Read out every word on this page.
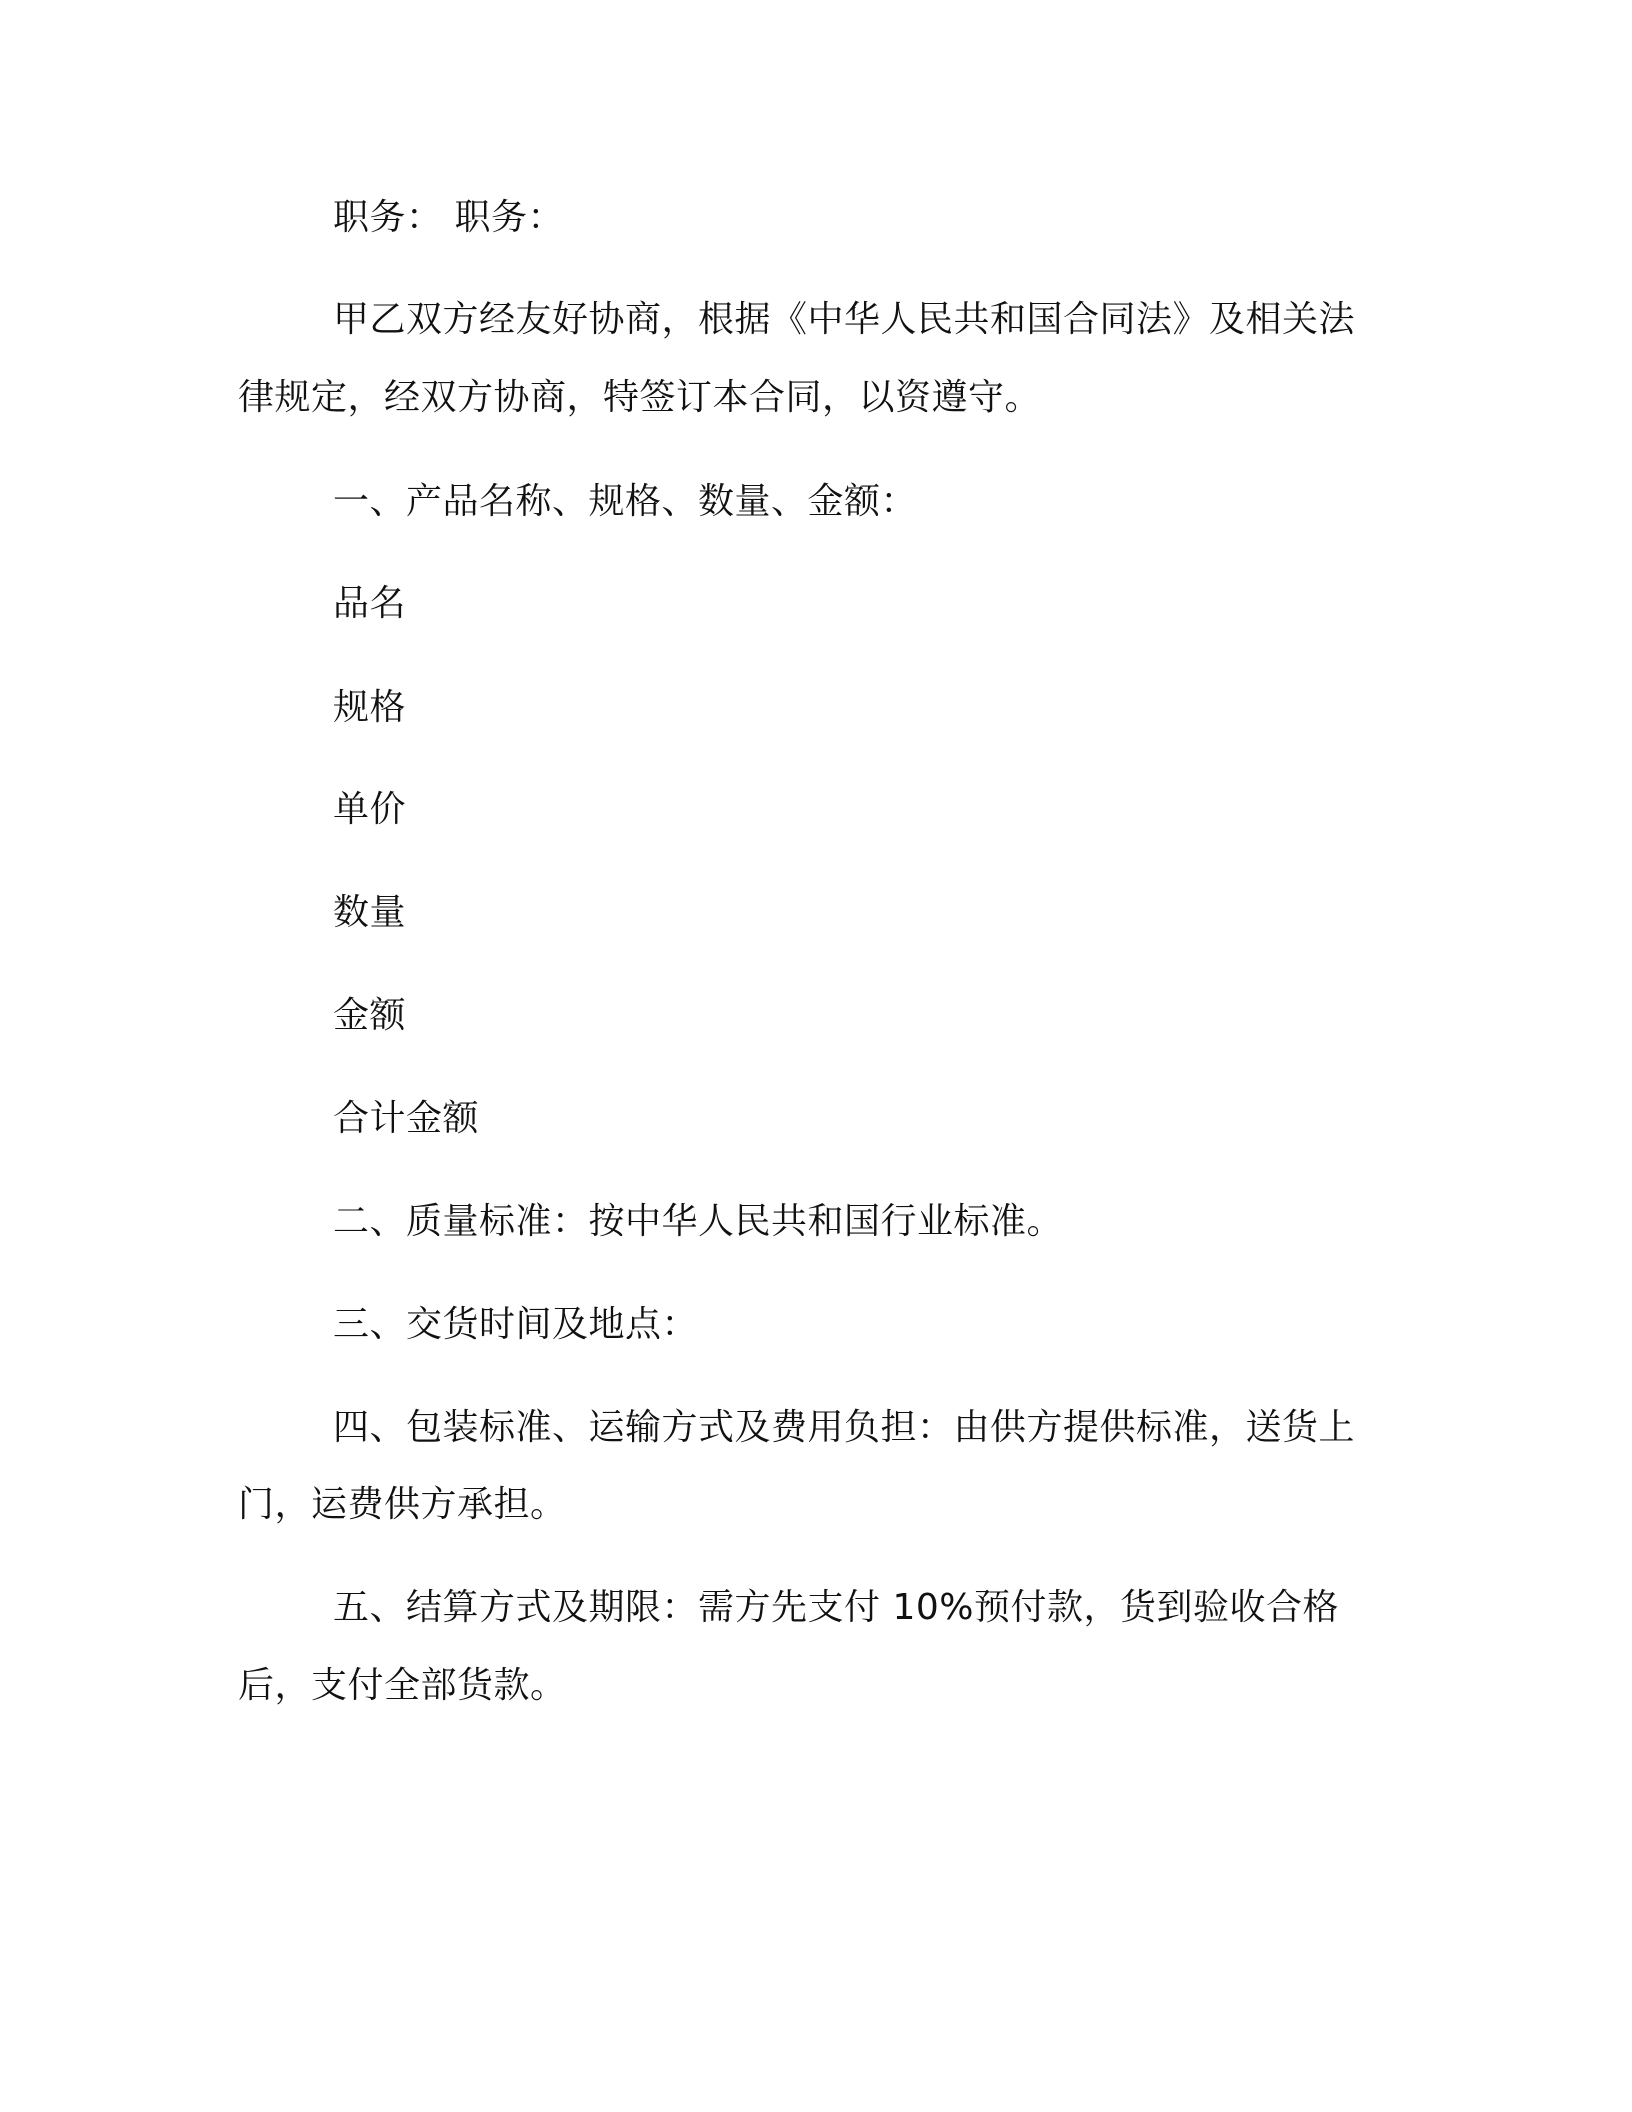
职务： 职务：
甲乙双方经友好协商，根据《中华人民共和国合同法》及相关法
律规定，经双方协商，特签订本合同，以资遵守。
一、产品名称、规格、数量、金额：
品名
规格
单价
数量
金额
合计金额
二、质量标准：按中华人民共和国行业标准。
三、交货时间及地点：
四、包装标准、运输方式及费用负担：由供方提供标准，送货上
门，运费供方承担。
五、结算方式及期限：需方先支付 10%预付款，货到验收合格
后，支付全部货款。
